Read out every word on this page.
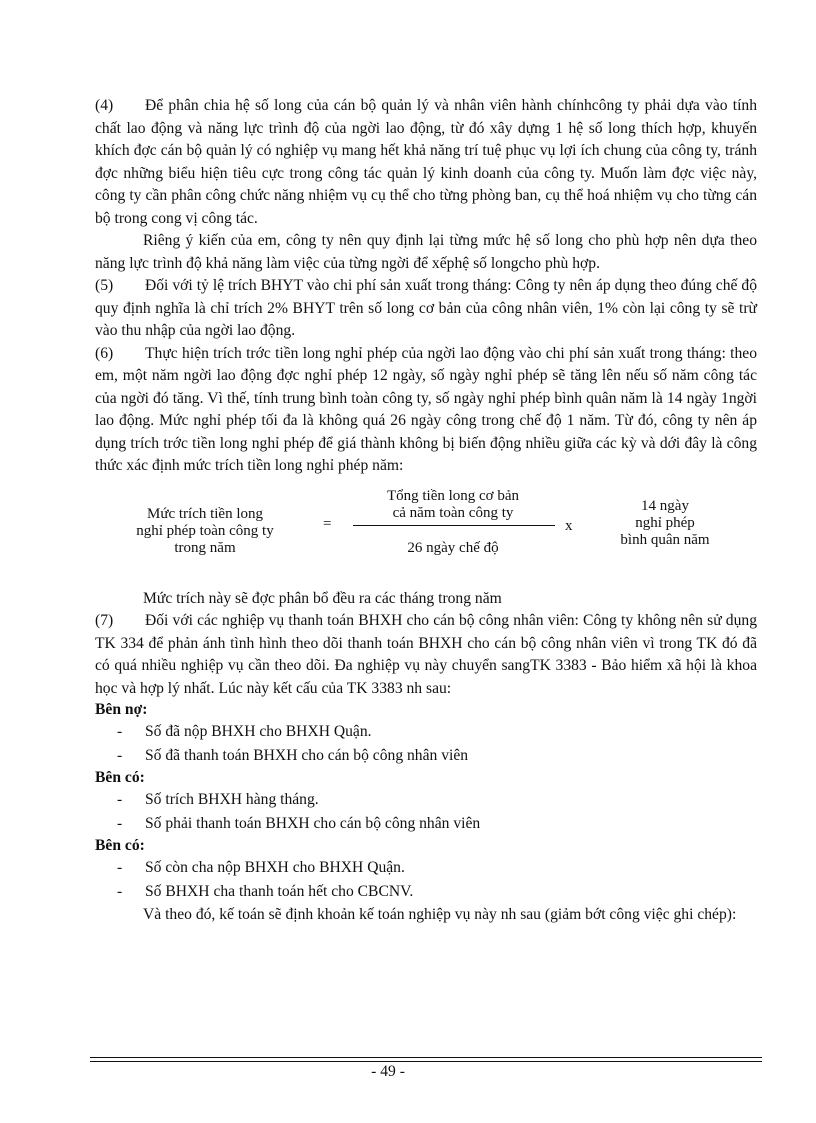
(4) Để phân chia hệ số long của cán bộ quản lý và nhân viên hành chínhcông ty phải dựa vào tính chất lao động và năng lực trình độ của ngời lao động, từ đó xây dựng 1 hệ số long thích hợp, khuyến khích đợc cán bộ quản lý có nghiệp vụ mang hết khả năng trí tuệ phục vụ lợi ích chung của công ty, tránh đợc những biểu hiện tiêu cực trong công tác quản lý kinh doanh của công ty. Muốn làm đợc việc này, công ty cần phân công chức năng nhiệm vụ cụ thể cho từng phòng ban, cụ thể hoá nhiệm vụ cho từng cán bộ trong cong vị công tác.

Riêng ý kiến của em, công ty nên quy định lại từng mức hệ số long cho phù hợp nên dựa theo năng lực trình độ khả năng làm việc của từng ngời để xếphệ số longcho phù hợp.

(5) Đối với tỷ lệ trích BHYT vào chi phí sản xuất trong tháng: Công ty nên áp dụng theo đúng chế độ quy định nghĩa là chỉ trích 2% BHYT trên số long cơ bản của công nhân viên, 1% còn lại công ty sẽ trừ vào thu nhập của ngời lao động.

(6) Thực hiện trích trớc tiền long nghỉ phép của ngời lao động vào chi phí sản xuất trong tháng: theo em, một năm ngời lao động đợc nghỉ phép 12 ngày, số ngày nghỉ phép sẽ tăng lên nếu số năm công tác của ngời đó tăng. Vì thế, tính trung bình toàn công ty, số ngày nghỉ phép bình quân năm là 14 ngày 1ngời lao động. Mức nghỉ phép tối đa là không quá 26 ngày công trong chế độ 1 năm. Từ đó, công ty nên áp dụng trích trớc tiền long nghỉ phép để giá thành không bị biến động nhiều giữa các kỳ và dới đây là công thức xác định mức trích tiền long nghỉ phép năm:

Mức trích tiền long
nghỉ phép toàn công ty
trong năm
=
Tổng tiền long cơ bản
cả năm toàn công ty
26 ngày chế độ
x
14 ngày
nghỉ phép
bình quân năm

Mức trích này sẽ đợc phân bổ đều ra các tháng trong năm

(7) Đối với các nghiệp vụ thanh toán BHXH cho cán bộ công nhân viên: Công ty không nên sử dụng TK 334 để phản ánh tình hình theo dõi thanh toán BHXH cho cán bộ công nhân viên vì trong TK đó đã có quá nhiều nghiệp vụ cần theo dõi. Đa nghiệp vụ này chuyển sangTK 3383 - Bảo hiểm xã hội là khoa học và hợp lý nhất. Lúc này kết cấu của TK 3383 nh sau:

Bên nợ:

- Số đã nộp BHXH cho BHXH Quận.

- Số đã thanh toán BHXH cho cán bộ công nhân viên

Bên có:

- Số trích BHXH hàng tháng.

- Số phải thanh toán BHXH cho cán bộ công nhân viên

Bên có:

- Số còn cha nộp BHXH cho BHXH Quận.

- Số BHXH cha thanh toán hết cho CBCNV.

Và theo đó, kế toán sẽ định khoản kế toán nghiệp vụ này nh sau (giảm bớt công việc ghi chép):

- 49 -
